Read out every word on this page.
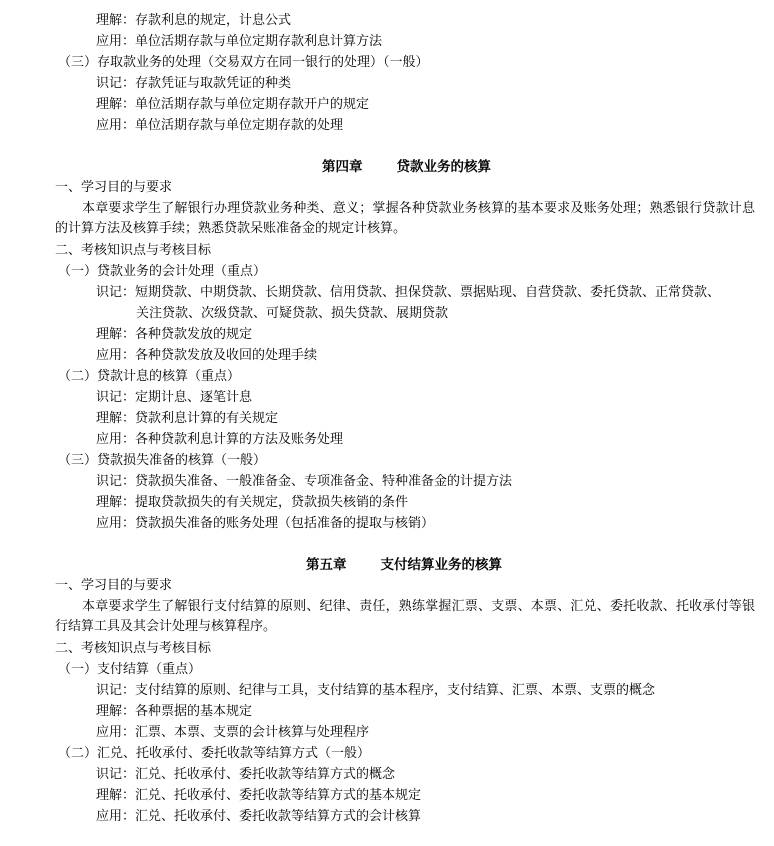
理解：存款利息的规定，计息公式
应用：单位活期存款与单位定期存款利息计算方法
（三）存取款业务的处理（交易双方在同一银行的处理）（一般）
识记：存款凭证与取款凭证的种类
理解：单位活期存款与单位定期存款开户的规定
应用：单位活期存款与单位定期存款的处理
第四章	贷款业务的核算
一、学习目的与要求
本章要求学生了解银行办理贷款业务种类、意义；掌握各种贷款业务核算的基本要求及账务处理；熟悉银行贷款计息的计算方法及核算手续；熟悉贷款呆账准备金的规定计核算。
二、考核知识点与考核目标
（一）贷款业务的会计处理（重点）
识记：短期贷款、中期贷款、长期贷款、信用贷款、担保贷款、票据贴现、自营贷款、委托贷款、正常贷款、
关注贷款、次级贷款、可疑贷款、损失贷款、展期贷款
理解：各种贷款发放的规定
应用：各种贷款发放及收回的处理手续
（二）贷款计息的核算（重点）
识记：定期计息、逐笔计息
理解：贷款利息计算的有关规定
应用：各种贷款利息计算的方法及账务处理
（三）贷款损失准备的核算（一般）
识记：贷款损失准备、一般准备金、专项准备金、特种准备金的计提方法
理解：提取贷款损失的有关规定，贷款损失核销的条件
应用：贷款损失准备的账务处理（包括准备的提取与核销）
第五章	支付结算业务的核算
一、学习目的与要求
本章要求学生了解银行支付结算的原则、纪律、责任，熟练掌握汇票、支票、本票、汇兑、委托收款、托收承付等银行结算工具及其会计处理与核算程序。
二、考核知识点与考核目标
（一）支付结算（重点）
识记：支付结算的原则、纪律与工具，支付结算的基本程序，支付结算、汇票、本票、支票的概念
理解：各种票据的基本规定
应用：汇票、本票、支票的会计核算与处理程序
（二）汇兑、托收承付、委托收款等结算方式（一般）
识记：汇兑、托收承付、委托收款等结算方式的概念
理解：汇兑、托收承付、委托收款等结算方式的基本规定
应用：汇兑、托收承付、委托收款等结算方式的会计核算
